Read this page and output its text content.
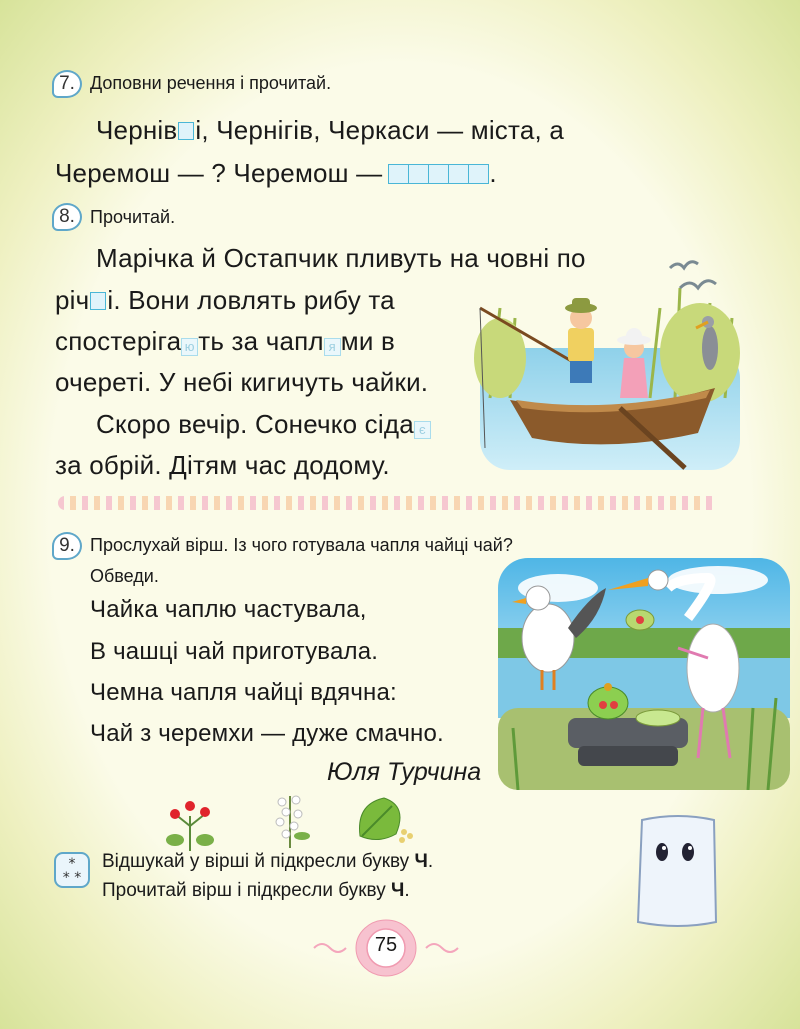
7. Доповни речення і прочитай.
Чернів і, Чернігів, Черкаси — міста, а
Черемош — ? Черемош —	.
8. Прочитай.
Марічка й Остапчик пливуть на човні по
річ і. Вони ловлять рибу та
спостеріга ю ть за чапл я ми в
очереті. У небі кигичуть чайки.
Скоро вечір. Сонечко сіда є
за обрій. Дітям час додому.
9. Прослухай вірш. Із чого готувала чапля чайці чай?
Обведи.
Чайка чаплю частувала,
В чашці чай приготувала.
Чемна чапля чайці вдячна:
Чай з черемхи — дуже смачно.
Юля Турчина
*
* *
Відшукай у вірші й підкресли букву Ч.
Прочитай вірш і підкресли букву Ч.
75
